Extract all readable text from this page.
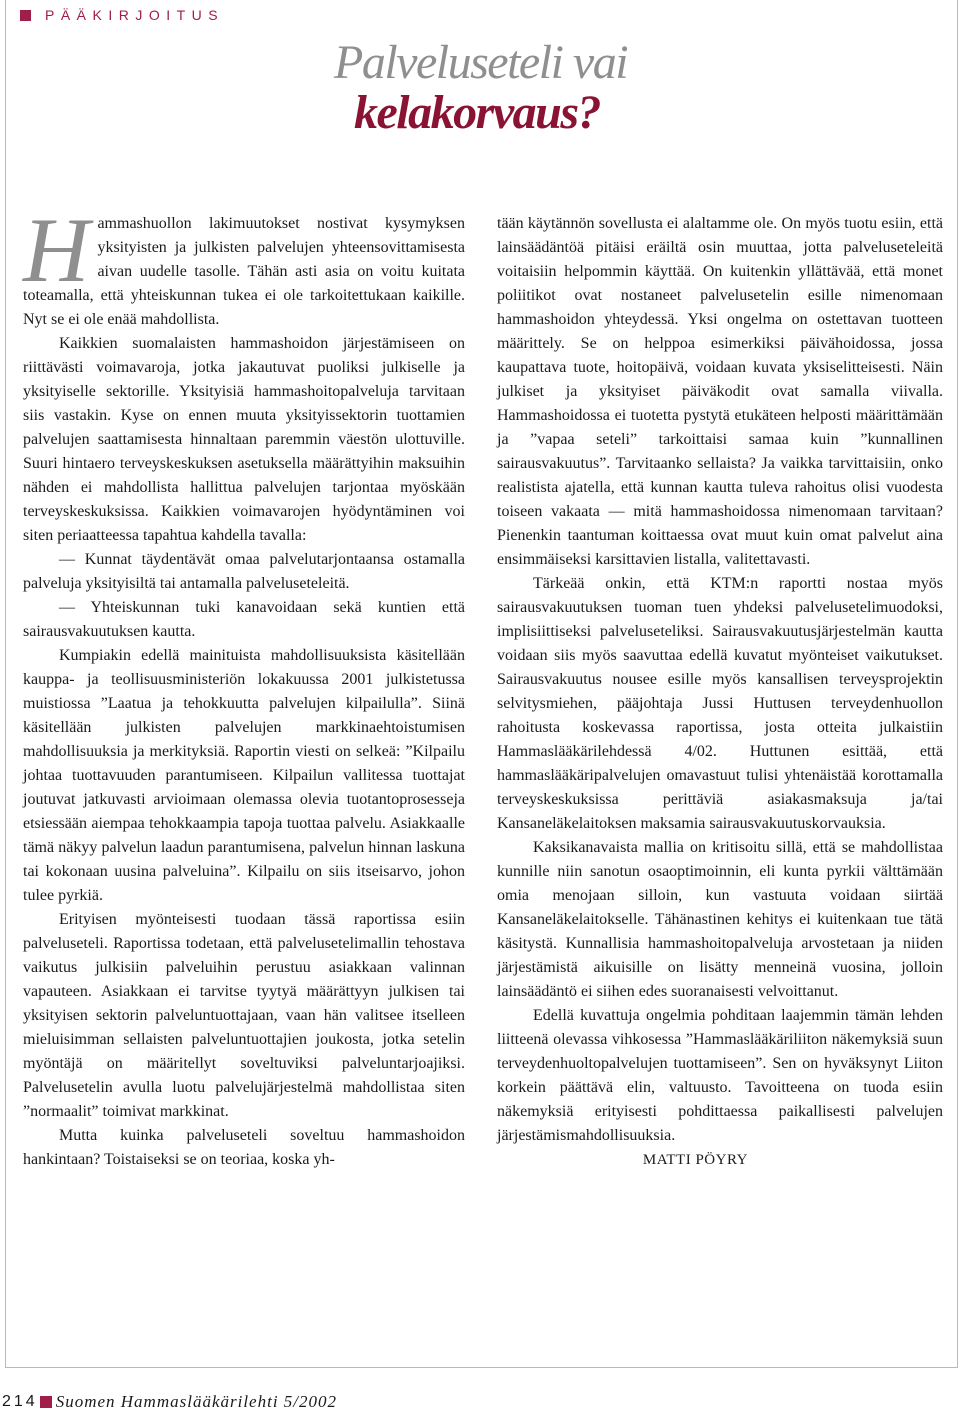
PÄÄKIRJOITUS
Palveluseteli vai
kelakorvaus?

Hammashuollon lakimuutokset nostivat kysymyksen yksityisten ja julkisten palvelujen yhteensovittamisesta aivan uudelle tasolle. Tähän asti asia on voitu kuitata toteamalla, että yhteiskunnan tukea ei ole tarkoitettukaan kaikille. Nyt se ei ole enää mahdollista.

Kaikkien suomalaisten hammashoidon järjestämiseen on riittävästi voimavaroja, jotka jakautuvat puoliksi julkiselle ja yksityiselle sektorille. Yksityisiä hammashoitopalveluja tarvitaan siis vastakin. Kyse on ennen muuta yksityissektorin tuottamien palvelujen saattamisesta hinnaltaan paremmin väestön ulottuville. Suuri hintaero terveyskeskuksen asetuksella määrättyihin maksuihin nähden ei mahdollista hallittua palvelujen tarjontaa myöskään terveyskeskuksissa. Kaikkien voimavarojen hyödyntäminen voi siten periaatteessa tapahtua kahdella tavalla:

— Kunnat täydentävät omaa palvelutarjontaansa ostamalla palveluja yksityisiltä tai antamalla palveluseteleitä.

— Yhteiskunnan tuki kanavoidaan sekä kuntien että sairausvakuutuksen kautta.

Kumpiakin edellä mainituista mahdollisuuksista käsitellään kauppa- ja teollisuusministeriön lokakuussa 2001 julkistetussa muistiossa ”Laatua ja tehokkuutta palvelujen kilpailulla”. Siinä käsitellään julkisten palvelujen markkinaehtoistumisen mahdollisuuksia ja merkityksiä. Raportin viesti on selkeä: ”Kilpailu johtaa tuottavuuden parantumiseen. Kilpailun vallitessa tuottajat joutuvat jatkuvasti arvioimaan olemassa olevia tuotantoprosesseja etsiessään aiempaa tehokkaampia tapoja tuottaa palvelu. Asiakkaalle tämä näkyy palvelun laadun parantumisena, palvelun hinnan laskuna tai kokonaan uusina palveluina”. Kilpailu on siis itseisarvo, johon tulee pyrkiä.

Erityisen myönteisesti tuodaan tässä raportissa esiin palveluseteli. Raportissa todetaan, että palvelusetelimallin tehostava vaikutus julkisiin palveluihin perustuu asiakkaan valinnan vapauteen. Asiakkaan ei tarvitse tyytyä määrättyyn julkisen tai yksityisen sektorin palveluntuottajaan, vaan hän valitsee itselleen mieluisimman sellaisten palveluntuottajien joukosta, jotka setelin myöntäjä on määritellyt soveltuviksi palveluntarjoajiksi. Palvelusetelin avulla luotu palvelujärjestelmä mahdollistaa siten ”normaalit” toimivat markkinat.

Mutta kuinka palveluseteli soveltuu hammashoidon hankintaan? Toistaiseksi se on teoriaa, koska yh-

tään käytännön sovellusta ei alaltamme ole. On myös tuotu esiin, että lainsäädäntöä pitäisi eräiltä osin muuttaa, jotta palveluseteleitä voitaisiin helpommin käyttää. On kuitenkin yllättävää, että monet poliitikot ovat nostaneet palvelusetelin esille nimenomaan hammashoidon yhteydessä. Yksi ongelma on ostettavan tuotteen määrittely. Se on helppoa esimerkiksi päivähoidossa, jossa kaupattava tuote, hoitopäivä, voidaan kuvata yksiselitteisesti. Näin julkiset ja yksityiset päiväkodit ovat samalla viivalla. Hammashoidossa ei tuotetta pystytä etukäteen helposti määrittämään ja ”vapaa seteli” tarkoittaisi samaa kuin ”kunnallinen sairausvakuutus”. Tarvitaanko sellaista? Ja vaikka tarvittaisiin, onko realistista ajatella, että kunnan kautta tuleva rahoitus olisi vuodesta toiseen vakaata — mitä hammashoidossa nimenomaan tarvitaan? Pienenkin taantuman koittaessa ovat muut kuin omat palvelut aina ensimmäiseksi karsittavien listalla, valitettavasti.

Tärkeää onkin, että KTM:n raportti nostaa myös sairausvakuutuksen tuoman tuen yhdeksi palvelusetelimuodoksi, implisiittiseksi palveluseteliksi. Sairausvakuutusjärjestelmän kautta voidaan siis myös saavuttaa edellä kuvatut myönteiset vaikutukset. Sairausvakuutus nousee esille myös kansallisen terveysprojektin selvitysmiehen, pääjohtaja Jussi Huttusen terveydenhuollon rahoitusta koskevassa raportissa, josta otteita julkaistiin Hammaslääkärilehdessä 4/02. Huttunen esittää, että hammaslääkäripalvelujen omavastuut tulisi yhtenäistää korottamalla terveyskeskuksissa perittäviä asiakasmaksuja ja/tai Kansaneläkelaitoksen maksamia sairausvakuutuskorvauksia.

Kaksikanavaista mallia on kritisoitu sillä, että se mahdollistaa kunnille niin sanotun osaoptimoinnin, eli kunta pyrkii välttämään omia menojaan silloin, kun vastuuta voidaan siirtää Kansaneläkelaitokselle. Tähänastinen kehitys ei kuitenkaan tue tätä käsitystä. Kunnallisia hammashoitopalveluja arvostetaan ja niiden järjestämistä aikuisille on lisätty menneinä vuosina, jolloin lainsäädäntö ei siihen edes suoranaisesti velvoittanut.

Edellä kuvattuja ongelmia pohditaan laajemmin tämän lehden liitteenä olevassa vihkosessa ”Hammaslääkäriliiton näkemyksiä suun terveydenhuoltopalvelujen tuottamiseen”. Sen on hyväksynyt Liiton korkein päättävä elin, valtuusto. Tavoitteena on tuoda esiin näkemyksiä erityisesti pohdittaessa paikallisesti palvelujen järjestämismahdollisuuksia.

MATTI PÖYRY

214 Suomen Hammaslääkärilehti 5/2002
